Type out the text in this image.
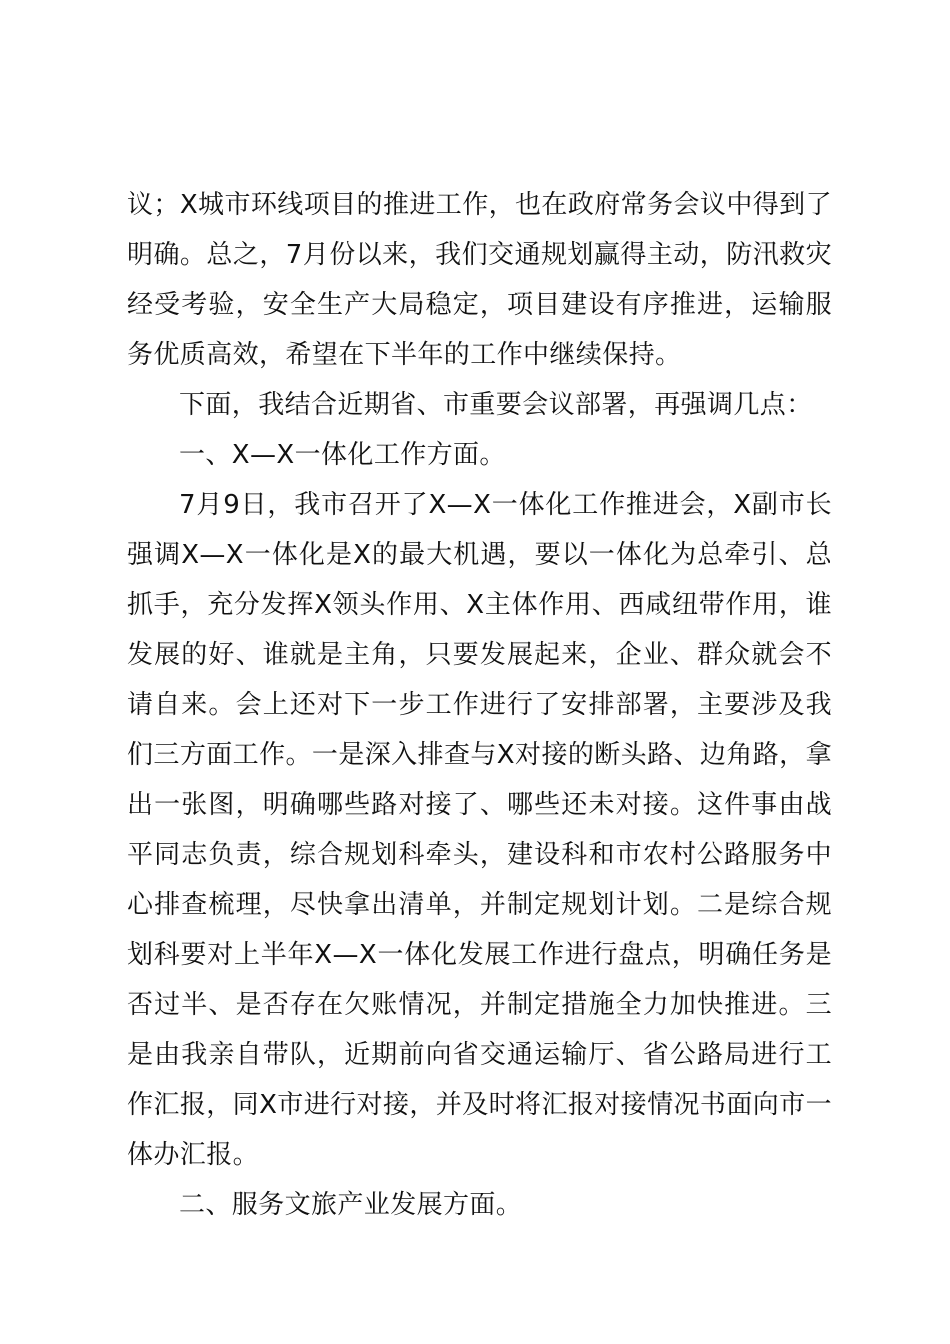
议；X城市环线项目的推进工作，也在政府常务会议中得到了明确。总之，7月份以来，我们交通规划赢得主动，防汛救灾经受考验，安全生产大局稳定，项目建设有序推进，运输服务优质高效，希望在下半年的工作中继续保持。

下面，我结合近期省、市重要会议部署，再强调几点：

一、X—X一体化工作方面。

7月9日，我市召开了X—X一体化工作推进会，X副市长强调X—X一体化是X的最大机遇，要以一体化为总牵引、总抓手，充分发挥X领头作用、X主体作用、西咸纽带作用，谁发展的好、谁就是主角，只要发展起来，企业、群众就会不请自来。会上还对下一步工作进行了安排部署，主要涉及我们三方面工作。一是深入排查与X对接的断头路、边角路，拿出一张图，明确哪些路对接了、哪些还未对接。这件事由战平同志负责，综合规划科牵头，建设科和市农村公路服务中心排查梳理，尽快拿出清单，并制定规划计划。二是综合规划科要对上半年X—X一体化发展工作进行盘点，明确任务是否过半、是否存在欠账情况，并制定措施全力加快推进。三是由我亲自带队，近期前向省交通运输厅、省公路局进行工作汇报，同X市进行对接，并及时将汇报对接情况书面向市一体办汇报。

二、服务文旅产业发展方面。
